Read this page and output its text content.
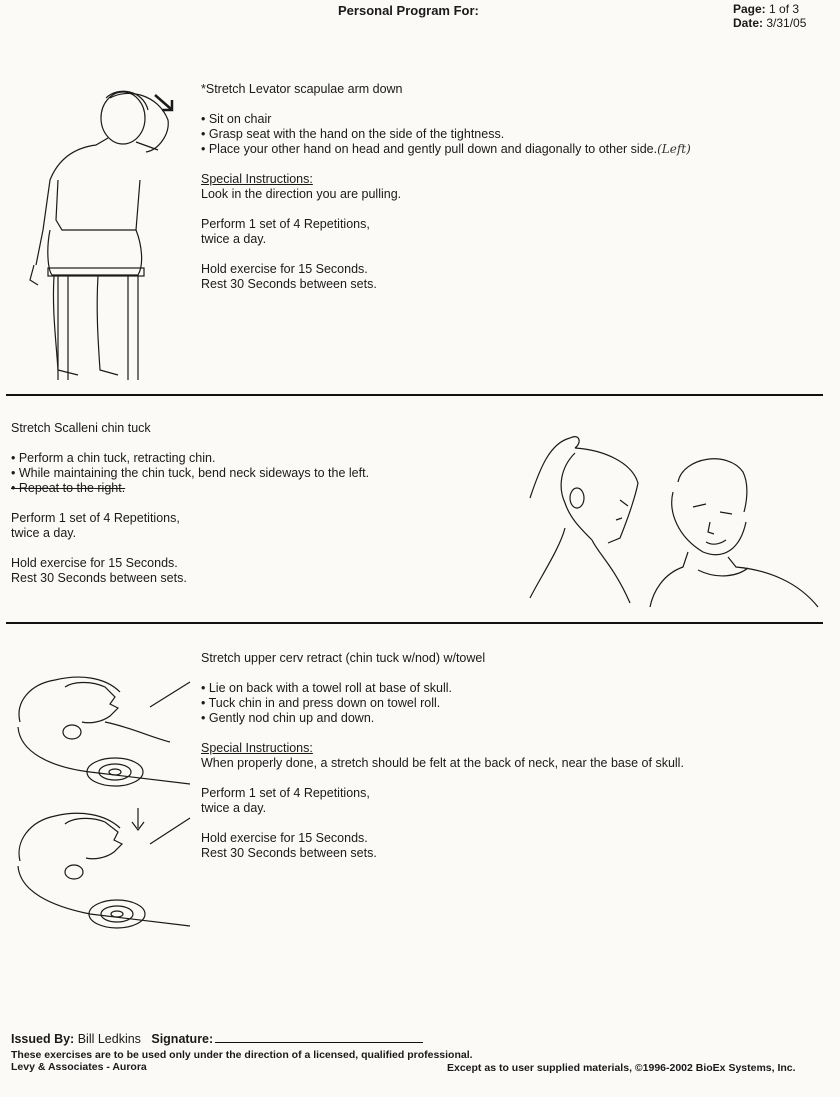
Personal Program For:	Page: 1 of 3
Date: 3/31/05
*Stretch Levator scapulae arm down
• Sit on chair
• Grasp seat with the hand on the side of the tightness.
• Place your other hand on head and gently pull down and diagonally to other side.(Left)
Special Instructions:
Look in the direction you are pulling.
Perform 1 set of 4 Repetitions,
twice a day.
Hold exercise for 15 Seconds.
Rest 30 Seconds between sets.
Stretch Scalleni chin tuck
• Perform a chin tuck, retracting chin.
• While maintaining the chin tuck, bend neck sideways to the left.
• Repeat to the right.
Perform 1 set of 4 Repetitions,
twice a day.
Hold exercise for 15 Seconds.
Rest 30 Seconds between sets.
Stretch upper cerv retract (chin tuck w/nod) w/towel
• Lie on back with a towel roll at base of skull.
• Tuck chin in and press down on towel roll.
• Gently nod chin up and down.
Special Instructions:
When properly done, a stretch should be felt at the back of neck, near the base of skull.
Perform 1 set of 4 Repetitions,
twice a day.
Hold exercise for 15 Seconds.
Rest 30 Seconds between sets.
Issued By: Bill Ledkins Signature:
These exercises are to be used only under the direction of a licensed, qualified professional.
Levy & Associates - Aurora	Except as to user supplied materials, ©1996-2002 BioEx Systems, Inc.
